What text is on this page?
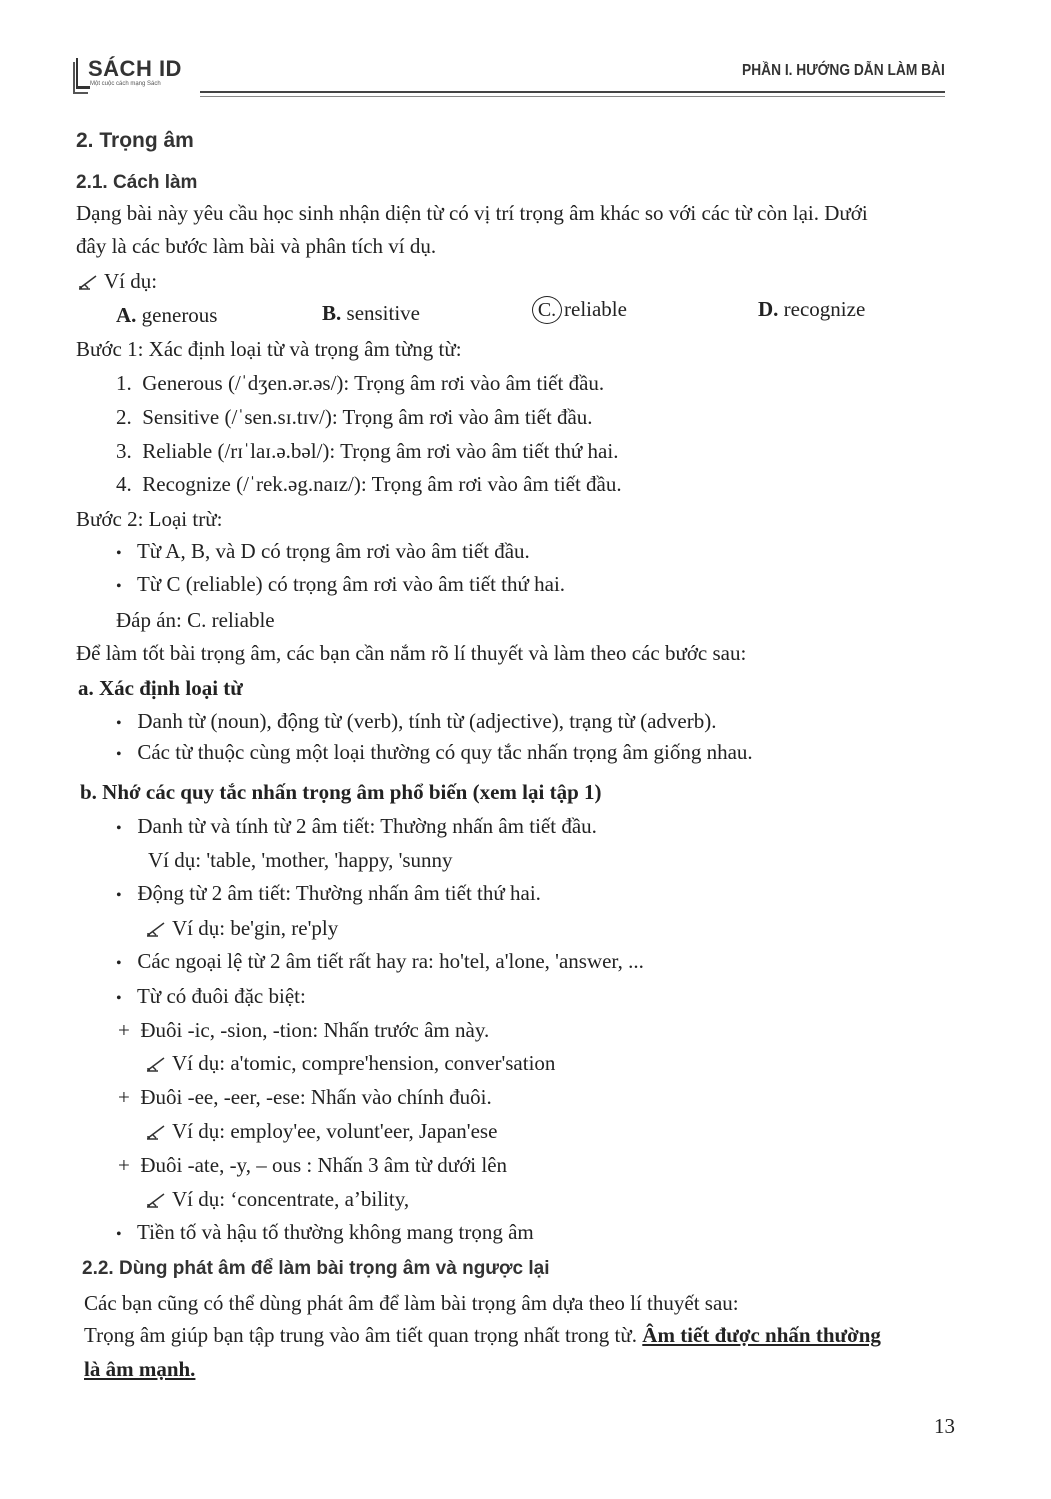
SÁCH ID
Một cuộc cách mạng Sách
PHẦN I. HƯỚNG DẪN LÀM BÀI
2. Trọng âm
2.1. Cách làm
Dạng bài này yêu cầu học sinh nhận diện từ có vị trí trọng âm khác so với các từ còn lại. Dưới
đây là các bước làm bài và phân tích ví dụ.
Ví dụ:
A. generous	B. sensitive	C. reliable	D. recognize
Bước 1: Xác định loại từ và trọng âm từng từ:
1. Generous (/ˈdʒen.ər.əs/): Trọng âm rơi vào âm tiết đầu.
2. Sensitive (/ˈsen.sɪ.tɪv/): Trọng âm rơi vào âm tiết đầu.
3. Reliable (/rɪˈlaɪ.ə.bəl/): Trọng âm rơi vào âm tiết thứ hai.
4. Recognize (/ˈrek.əg.naɪz/): Trọng âm rơi vào âm tiết đầu.
Bước 2: Loại trừ:
• Từ A, B, và D có trọng âm rơi vào âm tiết đầu.
• Từ C (reliable) có trọng âm rơi vào âm tiết thứ hai.
Đáp án: C. reliable
Để làm tốt bài trọng âm, các bạn cần nắm rõ lí thuyết và làm theo các bước sau:
a. Xác định loại từ
• Danh từ (noun), động từ (verb), tính từ (adjective), trạng từ (adverb).
• Các từ thuộc cùng một loại thường có quy tắc nhấn trọng âm giống nhau.
b. Nhớ các quy tắc nhấn trọng âm phổ biến (xem lại tập 1)
• Danh từ và tính từ 2 âm tiết: Thường nhấn âm tiết đầu.
Ví dụ: 'table, 'mother, 'happy, 'sunny
• Động từ 2 âm tiết: Thường nhấn âm tiết thứ hai.
Ví dụ: be'gin, re'ply
• Các ngoại lệ từ 2 âm tiết rất hay ra: ho'tel, a'lone, 'answer, ...
• Từ có đuôi đặc biệt:
+  Đuôi -ic, -sion, -tion: Nhấn trước âm này.
Ví dụ: a'tomic, compre'hension, conver'sation
+  Đuôi -ee, -eer, -ese: Nhấn vào chính đuôi.
Ví dụ: employ'ee, volunt'eer, Japan'ese
+  Đuôi -ate, -y, – ous : Nhấn 3 âm từ dưới lên
Ví dụ: ‘concentrate, a’bility,
• Tiền tố và hậu tố thường không mang trọng âm
2.2. Dùng phát âm để làm bài trọng âm và ngược lại
Các bạn cũng có thể dùng phát âm để làm bài trọng âm dựa theo lí thuyết sau:
Trọng âm giúp bạn tập trung vào âm tiết quan trọng nhất trong từ. Âm tiết được nhấn thường
là âm mạnh.
13
